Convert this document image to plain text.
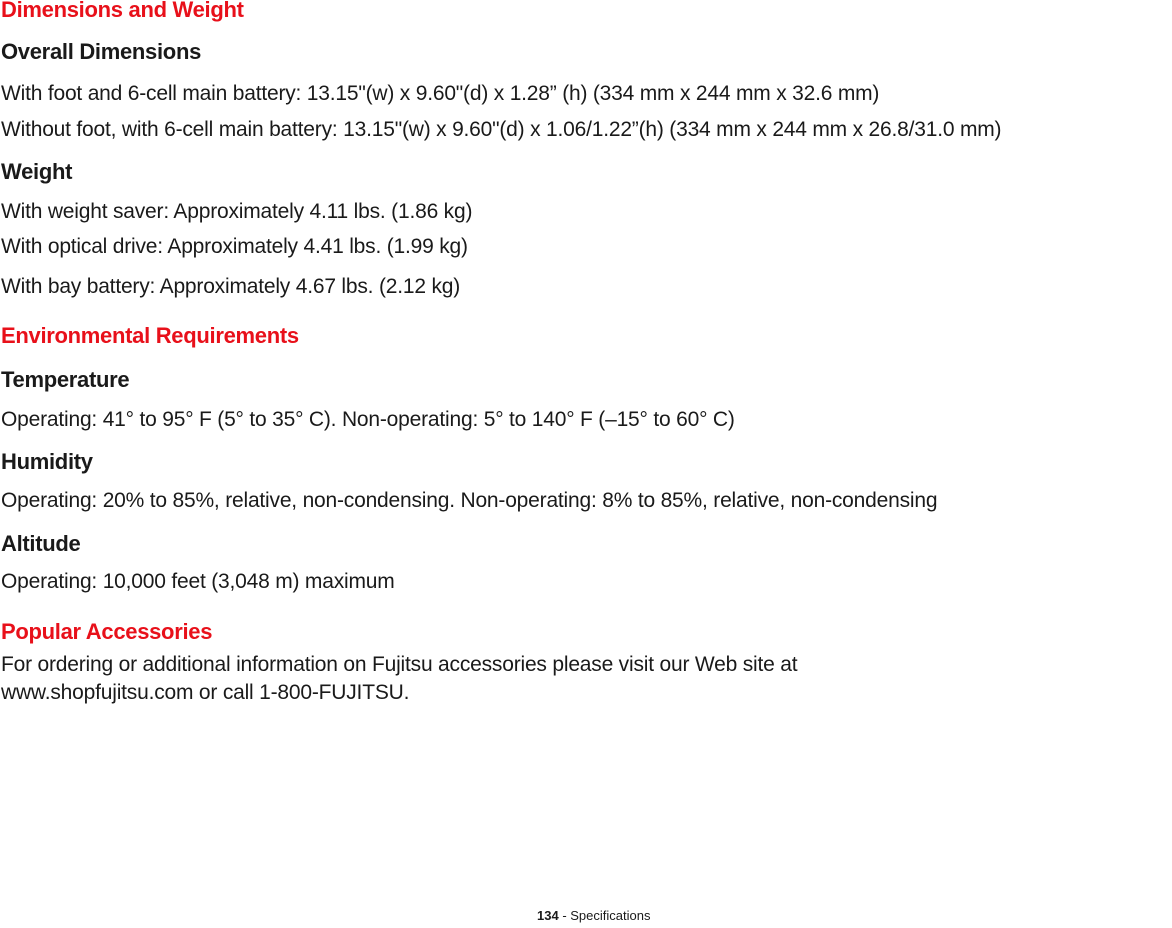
Dimensions and Weight
Overall Dimensions

With foot and 6-cell main battery: 13.15"(w) x 9.60"(d) x 1.28” (h) (334 mm x 244 mm x 32.6 mm)

Without foot, with 6-cell main battery: 13.15"(w) x 9.60"(d) x 1.06/1.22”(h) (334 mm x 244 mm x 26.8/31.0 mm)

Weight

With weight saver: Approximately 4.11 lbs. (1.86 kg)

With optical drive: Approximately 4.41 lbs. (1.99 kg)

With bay battery: Approximately 4.67 lbs. (2.12 kg)

Environmental Requirements
Temperature

Operating: 41° to 95° F (5° to 35° C). Non-operating: 5° to 140° F (–15° to 60° C)

Humidity

Operating: 20% to 85%, relative, non-condensing. Non-operating: 8% to 85%, relative, non-condensing

Altitude

Operating: 10,000 feet (3,048 m) maximum

Popular Accessories

For ordering or additional information on Fujitsu accessories please visit our Web site at

www.shopfujitsu.com or call 1-800-FUJITSU.

134 - Specifications
